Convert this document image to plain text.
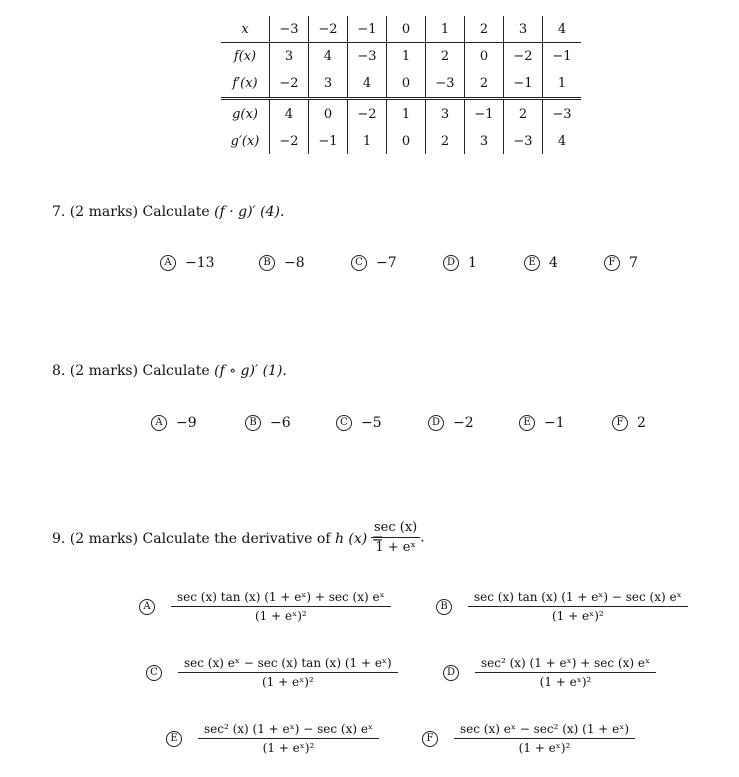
x	−3	−2	−1	0	1	2	3	4
f(x)	3	4	−3	1	2	0	−2	−1
f′(x)	−2	3	4	0	−3	2	−1	1
g(x)	4	0	−2	1	3	−1	2	−3
g′(x)	−2	−1	1	0	2	3	−3	4
7. (2 marks) Calculate (f · g)′ (4).
A −13	B −8	C −7	D 1	E 4	F 7
8. (2 marks) Calculate (f ∘ g)′ (1).
A −9	B −6	C −5	D −2	E −1	F 2
9. (2 marks) Calculate the derivative of h (x) =
$\frac{\sec (x)}{\text{1 + eˣ}}$ .
A	$\frac{\text{sec (x) tan (x) (1 + eˣ) + sec (x) eˣ}}{\text{(1 + eˣ)²}}$	B	$\frac{\text{sec (x) tan (x) (1 + eˣ) − sec (x) eˣ}}{\text{(1 + eˣ)²}}$
C	$\frac{\text{sec (x) eˣ − sec (x) tan (x) (1 + eˣ)}}{\text{(1 + eˣ)²}}$	D	$\frac{\text{sec² (x) (1 + eˣ) + sec (x) eˣ}}{\text{(1 + eˣ)²}}$
E	$\frac{\text{sec² (x) (1 + eˣ) − sec (x) eˣ}}{\text{(1 + eˣ)²}}$	F	$\frac{\text{sec (x) eˣ − sec² (x) (1 + eˣ)}}{\text{(1 + eˣ)²}}$
